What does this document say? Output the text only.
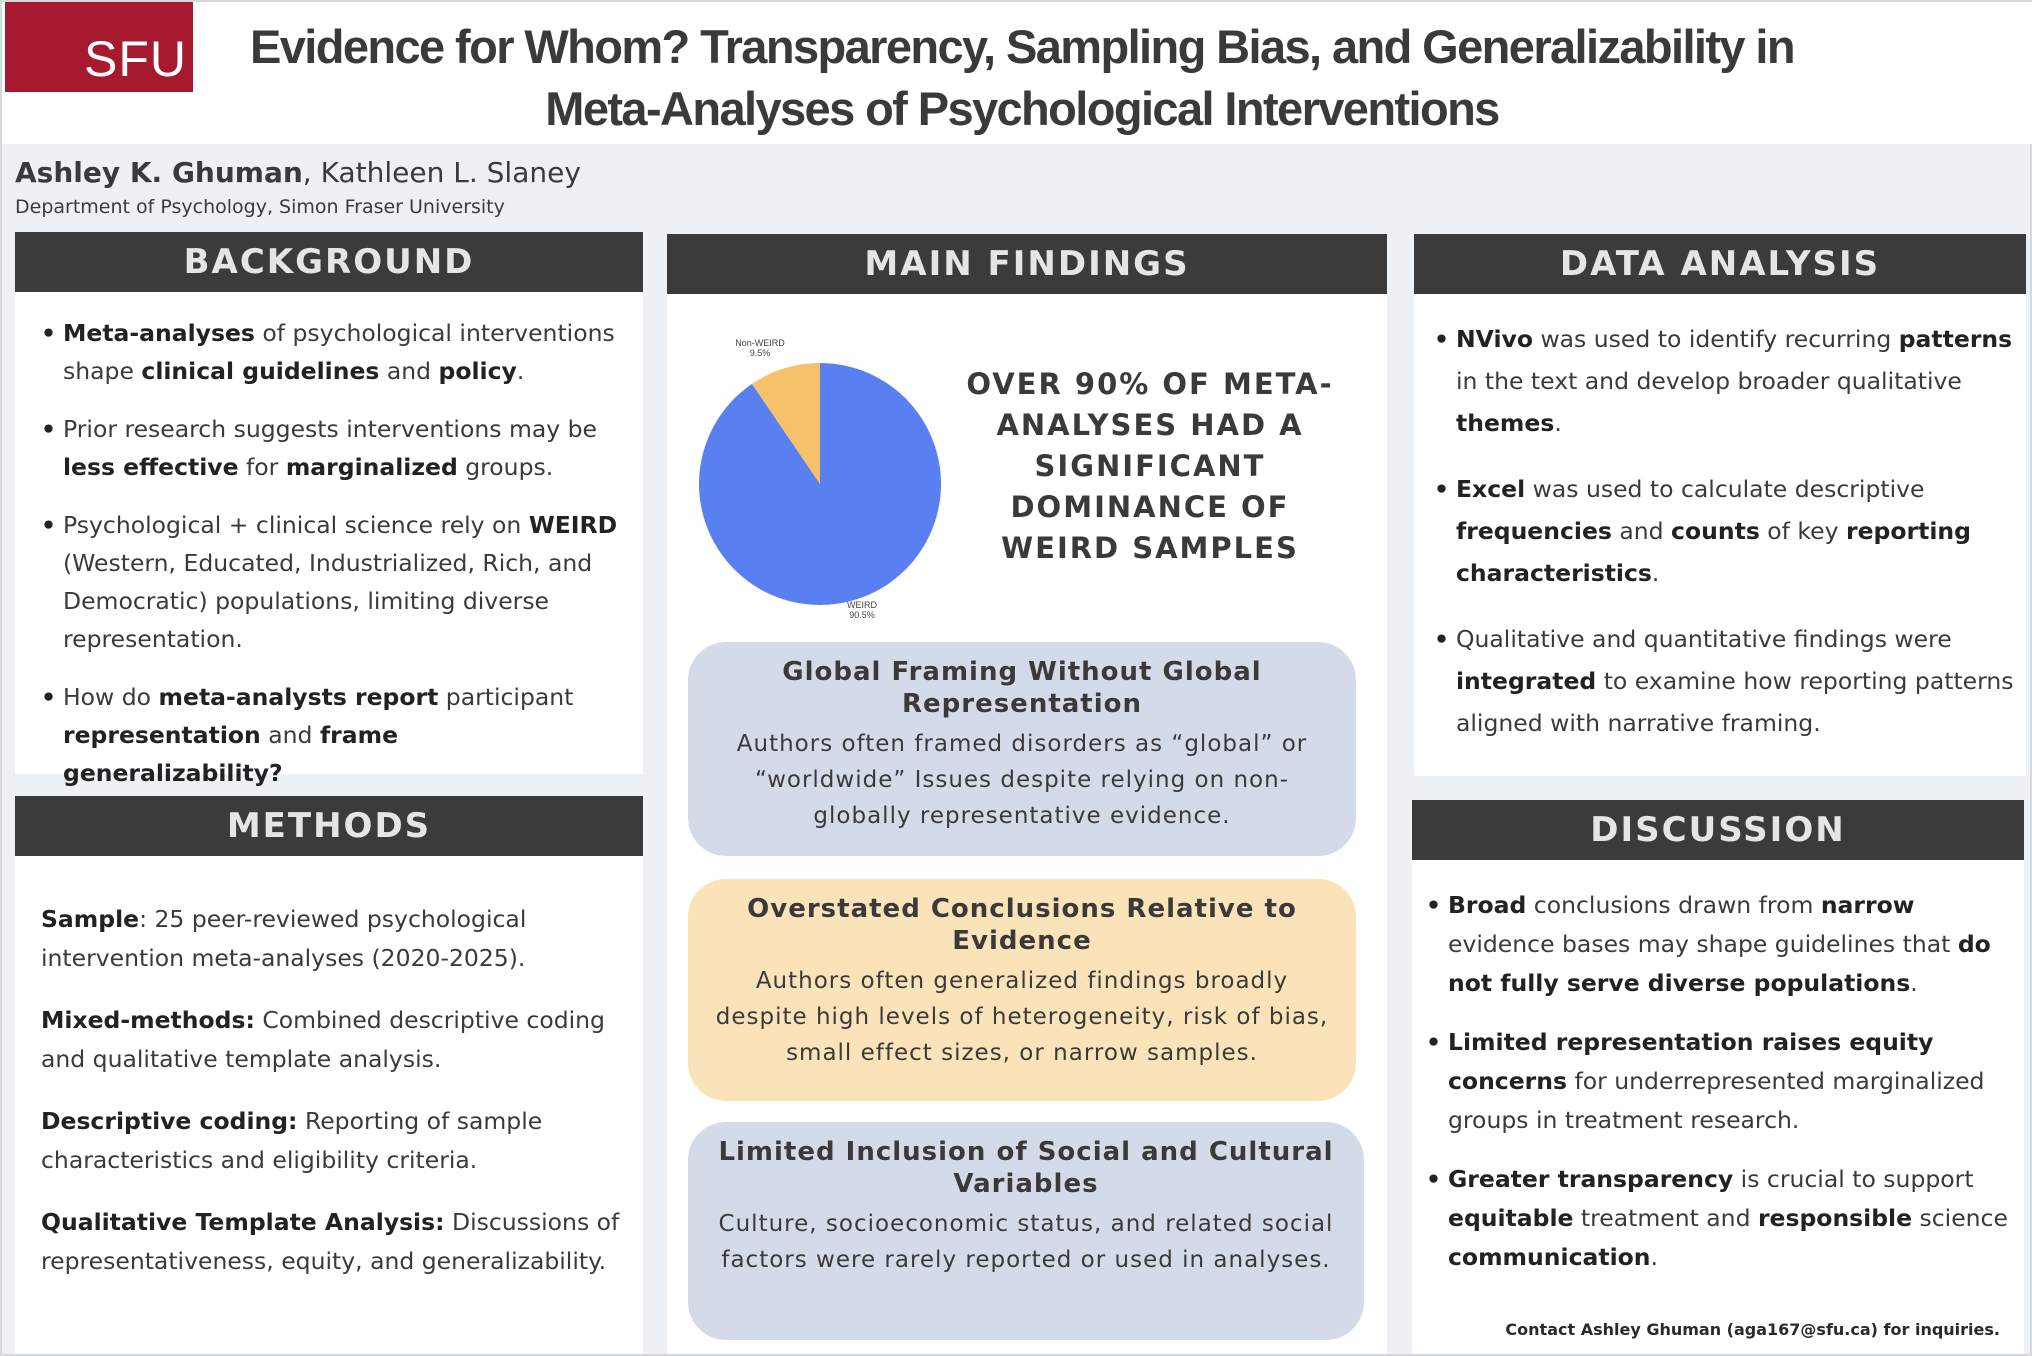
SFU	Evidence for Whom? Transparency, Sampling Bias, and Generalizability in
Meta-Analyses of Psychological Interventions
Ashley K. Ghuman, Kathleen L. Slaney
Department of Psychology, Simon Fraser University
BACKGROUND
• Meta-analyses of psychological interventions shape clinical guidelines and policy.
• Prior research suggests interventions may be less effective for marginalized groups.
• Psychological + clinical science rely on WEIRD (Western, Educated, Industrialized, Rich, and Democratic) populations, limiting diverse representation.
• How do meta-analysts report participant representation and frame generalizability?
METHODS

Sample: 25 peer-reviewed psychological intervention meta-analyses (2020-2025).

Mixed-methods: Combined descriptive coding and qualitative template analysis.

Descriptive coding: Reporting of sample characteristics and eligibility criteria.

Qualitative Template Analysis: Discussions of representativeness, equity, and generalizability.

MAIN FINDINGS
Non-WEIRD
9.5%
WEIRD
90.5%
OVER 90% OF META-ANALYSES HAD A SIGNIFICANT DOMINANCE OF WEIRD SAMPLES
Global Framing Without Global Representation
Authors often framed disorders as “global” or “worldwide” Issues despite relying on non-globally representative evidence.
Overstated Conclusions Relative to Evidence
Authors often generalized findings broadly despite high levels of heterogeneity, risk of bias, small effect sizes, or narrow samples.
Limited Inclusion of Social and Cultural Variables
Culture, socioeconomic status, and related social factors were rarely reported or used in analyses.
DATA ANALYSIS
• NVivo was used to identify recurring patterns in the text and develop broader qualitative themes.
• Excel was used to calculate descriptive frequencies and counts of key reporting characteristics.
• Qualitative and quantitative findings were integrated to examine how reporting patterns aligned with narrative framing.
DISCUSSION
• Broad conclusions drawn from narrow evidence bases may shape guidelines that do not fully serve diverse populations.
• Limited representation raises equity concerns for underrepresented marginalized groups in treatment research.
• Greater transparency is crucial to support equitable treatment and responsible science communication.
Contact Ashley Ghuman (aga167@sfu.ca) for inquiries.
